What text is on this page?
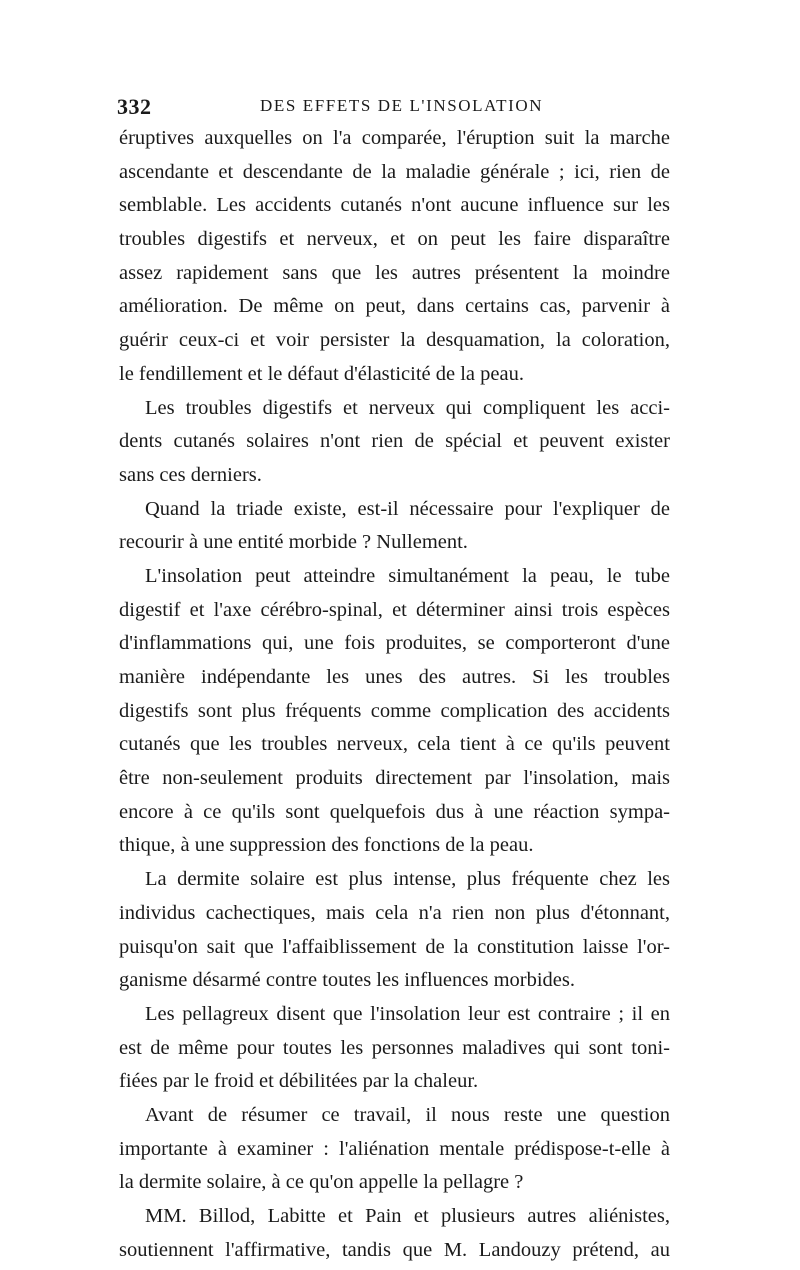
332	DES EFFETS DE L'INSOLATION
éruptives auxquelles on l'a comparée, l'éruption suit la marche
ascendante et descendante de la maladie générale ; ici, rien de
semblable. Les accidents cutanés n'ont aucune influence sur les
troubles digestifs et nerveux, et on peut les faire disparaître
assez rapidement sans que les autres présentent la moindre
amélioration. De même on peut, dans certains cas, parvenir à
guérir ceux-ci et voir persister la desquamation, la coloration,
le fendillement et le défaut d'élasticité de la peau.
Les troubles digestifs et nerveux qui compliquent les acci-
dents cutanés solaires n'ont rien de spécial et peuvent exister
sans ces derniers.
Quand la triade existe, est-il nécessaire pour l'expliquer de
recourir à une entité morbide ? Nullement.
L'insolation peut atteindre simultanément la peau, le tube
digestif et l'axe cérébro-spinal, et déterminer ainsi trois espèces
d'inflammations qui, une fois produites, se comporteront d'une
manière indépendante les unes des autres. Si les troubles
digestifs sont plus fréquents comme complication des accidents
cutanés que les troubles nerveux, cela tient à ce qu'ils peuvent
être non-seulement produits directement par l'insolation, mais
encore à ce qu'ils sont quelquefois dus à une réaction sympa-
thique, à une suppression des fonctions de la peau.
La dermite solaire est plus intense, plus fréquente chez les
individus cachectiques, mais cela n'a rien non plus d'étonnant,
puisqu'on sait que l'affaiblissement de la constitution laisse l'or-
ganisme désarmé contre toutes les influences morbides.
Les pellagreux disent que l'insolation leur est contraire ; il en
est de même pour toutes les personnes maladives qui sont toni-
fiées par le froid et débilitées par la chaleur.
Avant de résumer ce travail, il nous reste une question
importante à examiner : l'aliénation mentale prédispose-t-elle à
la dermite solaire, à ce qu'on appelle la pellagre ?
MM. Billod, Labitte et Pain et plusieurs autres aliénistes,
soutiennent l'affirmative, tandis que M. Landouzy prétend, au
